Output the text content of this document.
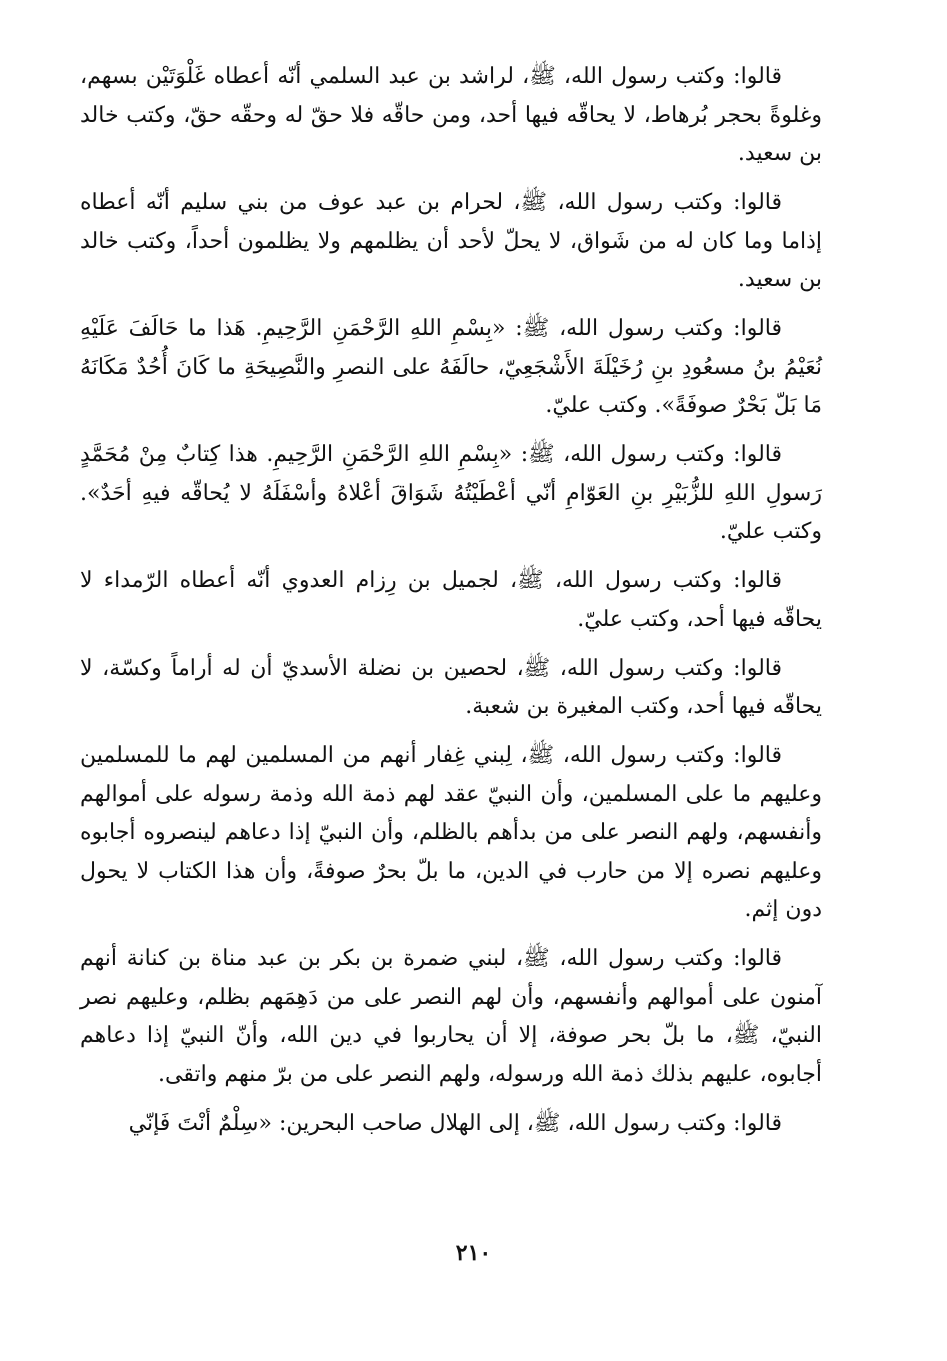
قالوا: وكتب رسول الله، ﷺ، لراشد بن عبد السلمي أنّه أعطاه غَلْوَتَيْن بسهم، وغلوةً بحجر بُرهاط، لا يحاقّه فيها أحد، ومن حاقّه فلا حقّ له وحقّه حقّ، وكتب خالد بن سعيد.

قالوا: وكتب رسول الله، ﷺ، لحرام بن عبد عوف من بني سليم أنّه أعطاه إذاما وما كان له من شَواق، لا يحلّ لأحد أن يظلمهم ولا يظلمون أحداً، وكتب خالد بن سعيد.

قالوا: وكتب رسول الله، ﷺ: «بِسْمِ اللهِ الرَّحْمَنِ الرَّحِيمِ. هَذا ما حَالَفَ عَلَيْهِ نُعَيْمُ بنُ مسعُودِ بنِ رُخَيْلَةَ الأَشْجَعِيّ، حالَفَهُ على النصرِ والنَّصِيحَةِ ما كَانَ أُحُدٌ مَكَانَهُ مَا بَلّ بَحْرٌ صوفَةً». وكتب عليّ.

قالوا: وكتب رسول الله، ﷺ: «بِسْمِ اللهِ الرَّحْمَنِ الرَّحِيمِ. هذا كِتابٌ مِنْ مُحَمَّدٍ رَسولِ اللهِ للزُّبَيْرِ بنِ العَوّامِ أنّي أعْطَيْتُهُ شَوَاقَ أعْلاهُ وأسْفَلَهُ لا يُحاقّه فيهِ أحَدٌ». وكتب عليّ.

قالوا: وكتب رسول الله، ﷺ، لجميل بن رِزام العدوي أنّه أعطاه الرّمداء لا يحاقّه فيها أحد، وكتب عليّ.

قالوا: وكتب رسول الله، ﷺ، لحصين بن نضلة الأسديّ أن له أراماً وكسّة، لا يحاقّه فيها أحد، وكتب المغيرة بن شعبة.

قالوا: وكتب رسول الله، ﷺ، لِبني غِفار أنهم من المسلمين لهم ما للمسلمين وعليهم ما على المسلمين، وأن النبيّ عقد لهم ذمة الله وذمة رسوله على أموالهم وأنفسهم، ولهم النصر على من بدأهم بالظلم، وأن النبيّ إذا دعاهم لينصروه أجابوه وعليهم نصره إلا من حارب في الدين، ما بلّ بحرٌ صوفةً، وأن هذا الكتاب لا يحول دون إثم.

قالوا: وكتب رسول الله، ﷺ، لبني ضمرة بن بكر بن عبد مناة بن كنانة أنهم آمنون على أموالهم وأنفسهم، وأن لهم النصر على من دَهِمَهم بظلم، وعليهم نصر النبيّ، ﷺ، ما بلّ بحر صوفة، إلا أن يحاربوا في دين الله، وأنّ النبيّ إذا دعاهم أجابوه، عليهم بذلك ذمة الله ورسوله، ولهم النصر على من برّ منهم واتقى.

قالوا: وكتب رسول الله، ﷺ، إلى الهلال صاحب البحرين: «سِلْمٌ أنْتَ فَإنّي

٢١٠
